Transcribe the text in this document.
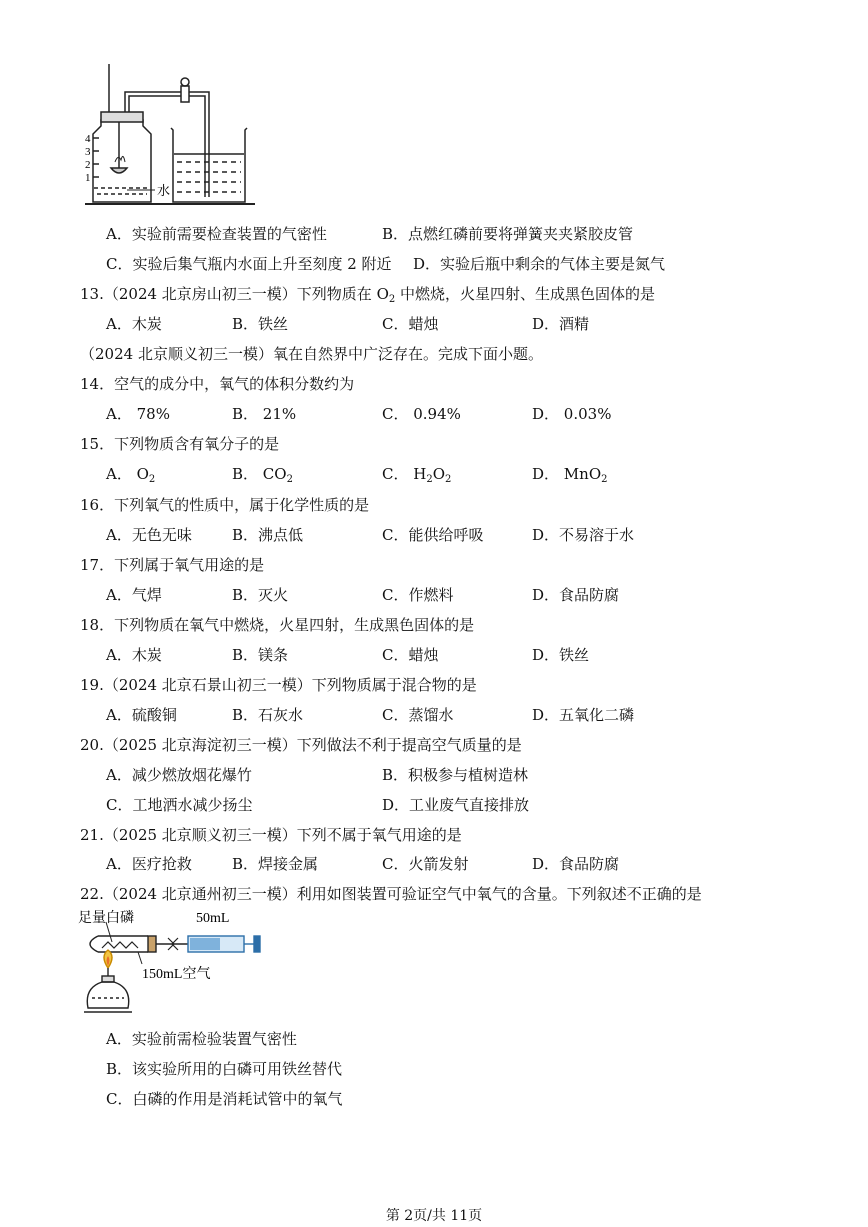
4
3
2
1
水
A．实验前需要检查装置的气密性	B．点燃红磷前要将弹簧夹夹紧胶皮管
C．实验后集气瓶内水面上升至刻度 2 附近 D．实验后瓶中剩余的气体主要是氮气
13.（2024 北京房山初三一模）下列物质在 $O_2$ 中燃烧，火星四射、生成黑色固体的是
A．木炭	B．铁丝	C．蜡烛	D．酒精
（2024 北京顺义初三一模）氧在自然界中广泛存在。完成下面小题。
14．空气的成分中，氧气的体积分数约为
A． 78%	B． 21%	C． 0.94%	D． 0.03%
15．下列物质含有氧分子的是
A． $O_2$	B． $CO_2$	C． $H_2O_2$	D． MnO$_2$
16．下列氧气的性质中，属于化学性质的是
A．无色无味	B．沸点低	C．能供给呼吸	D．不易溶于水
17．下列属于氧气用途的是
A．气焊	B．灭火	C．作燃料	D．食品防腐
18．下列物质在氧气中燃烧，火星四射，生成黑色固体的是
A．木炭	B．镁条	C．蜡烛	D．铁丝
19.（2024 北京石景山初三一模）下列物质属于混合物的是
A．硫酸铜	B．石灰水	C．蒸馏水	D．五氧化二磷
20.（2025 北京海淀初三一模）下列做法不利于提高空气质量的是
A．减少燃放烟花爆竹	B．积极参与植树造林
C．工地洒水减少扬尘	D．工业废气直接排放
21.（2025 北京顺义初三一模）下列不属于氧气用途的是
A．医疗抢救	B．焊接金属	C．火箭发射	D．食品防腐
22.（2024 北京通州初三一模）利用如图装置可验证空气中氧气的含量。下列叙述不正确的是
足量白磷	50mL
150mL空气
A．实验前需检验装置气密性
B．该实验所用的白磷可用铁丝替代
C．白磷的作用是消耗试管中的氧气
第 2页/共 11页
